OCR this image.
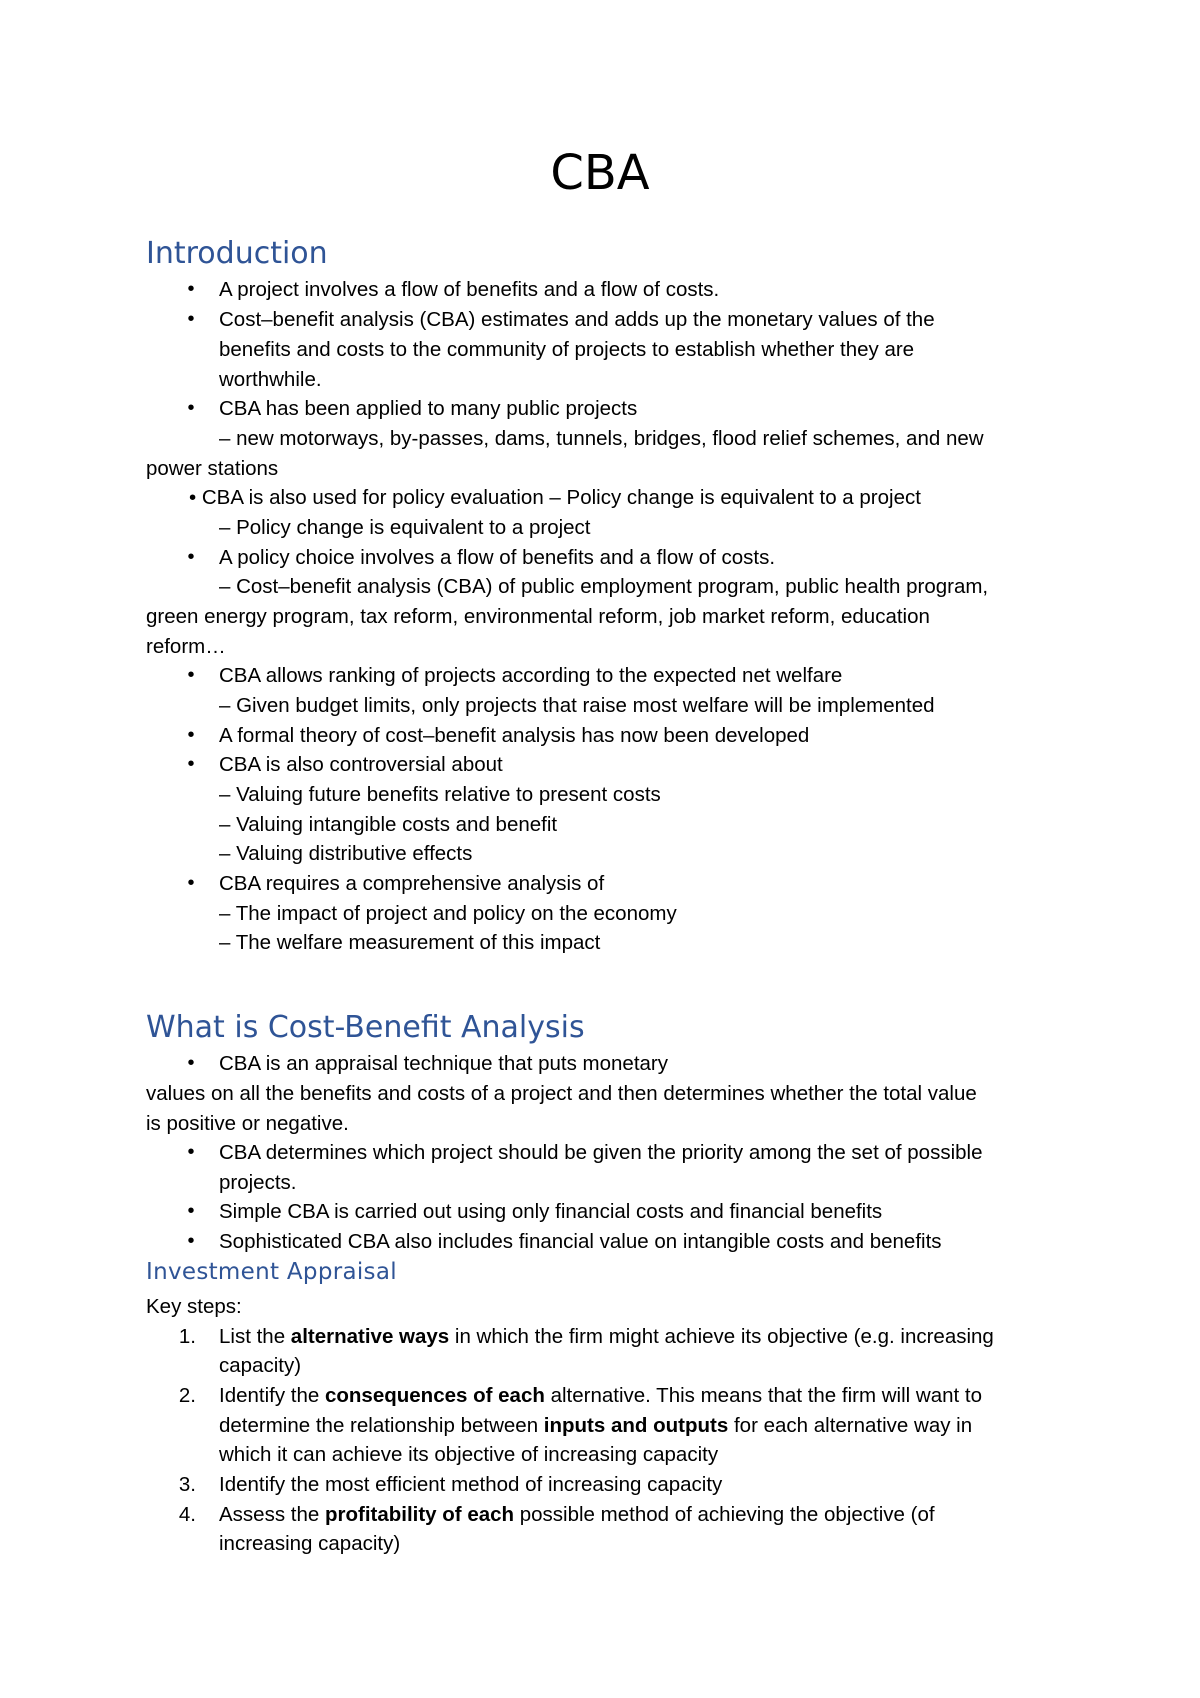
CBA
Introduction
• A project involves a flow of benefits and a flow of costs.
• Cost–benefit analysis (CBA) estimates and adds up the monetary values of the
benefits and costs to the community of projects to establish whether they are
worthwhile.
• CBA has been applied to many public projects
– new motorways, by-passes, dams, tunnels, bridges, flood relief schemes, and new
power stations
• CBA is also used for policy evaluation – Policy change is equivalent to a project
– Policy change is equivalent to a project
• A policy choice involves a flow of benefits and a flow of costs.
– Cost–benefit analysis (CBA) of public employment program, public health program,
green energy program, tax reform, environmental reform, job market reform, education
reform…
• CBA allows ranking of projects according to the expected net welfare
– Given budget limits, only projects that raise most welfare will be implemented
• A formal theory of cost–benefit analysis has now been developed
• CBA is also controversial about
– Valuing future benefits relative to present costs
– Valuing intangible costs and benefit
– Valuing distributive effects
• CBA requires a comprehensive analysis of
– The impact of project and policy on the economy
– The welfare measurement of this impact
What is Cost-Benefit Analysis
• CBA is an appraisal technique that puts monetary
values on all the benefits and costs of a project and then determines whether the total value
is positive or negative.
• CBA determines which project should be given the priority among the set of possible
projects.
• Simple CBA is carried out using only financial costs and financial benefits
• Sophisticated CBA also includes financial value on intangible costs and benefits
Investment Appraisal
Key steps:
1. List the alternative ways in which the firm might achieve its objective (e.g. increasing
capacity)
2. Identify the consequences of each alternative. This means that the firm will want to
determine the relationship between inputs and outputs for each alternative way in
which it can achieve its objective of increasing capacity
3. Identify the most efficient method of increasing capacity
4. Assess the profitability of each possible method of achieving the objective (of
increasing capacity)
